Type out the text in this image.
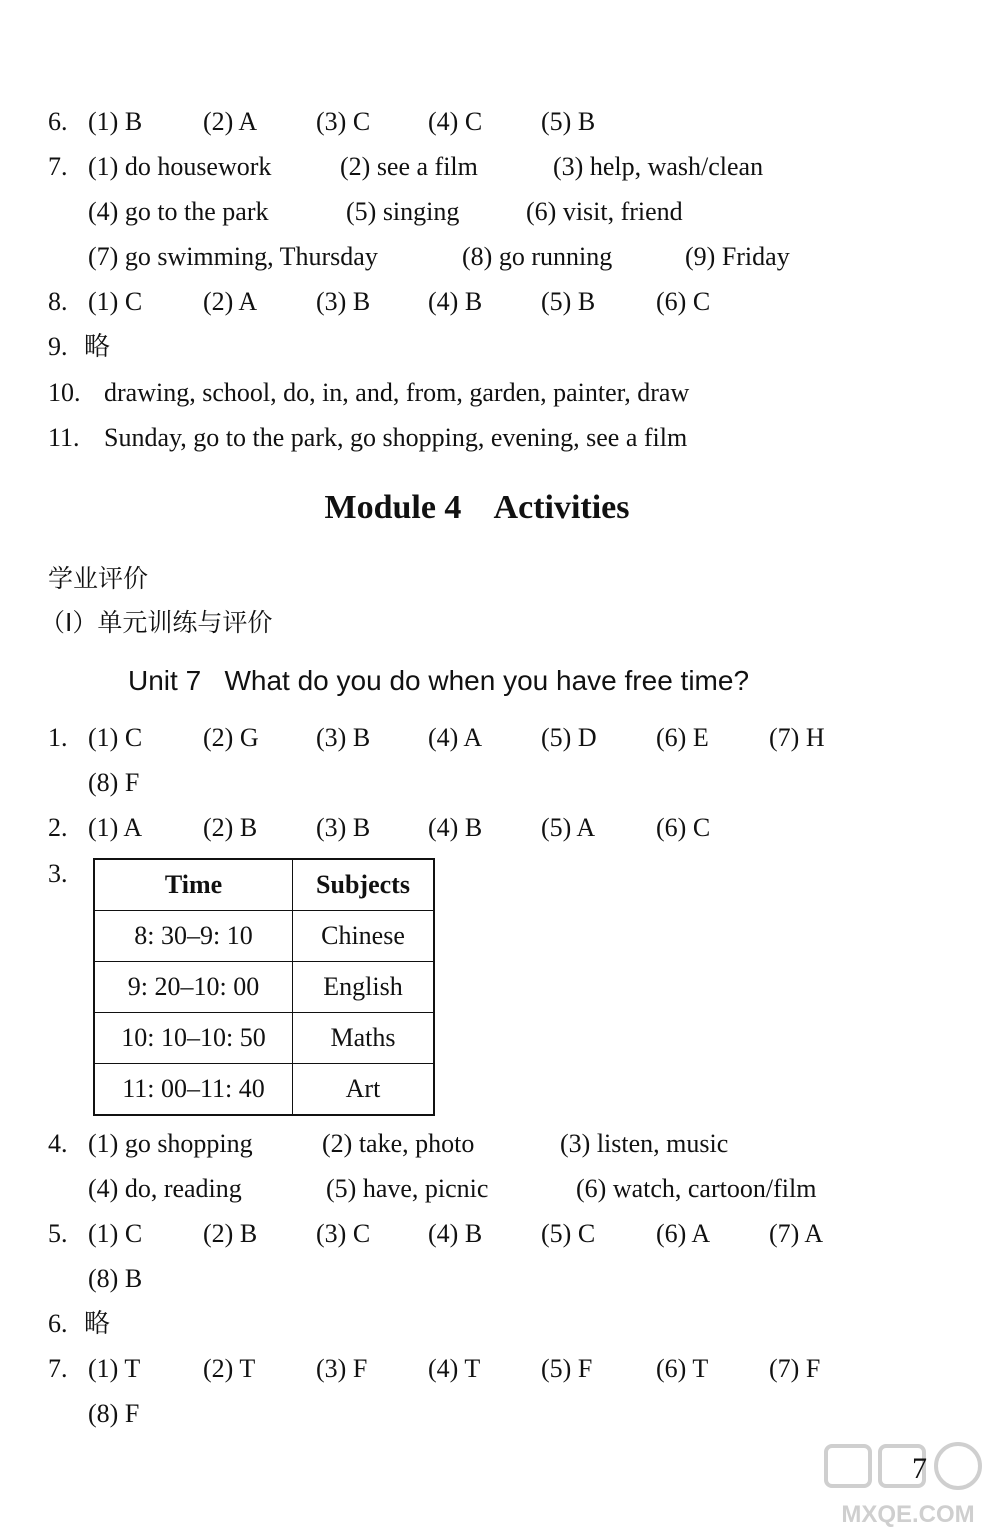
6. (1) B (2) A (3) C (4) C (5) B
7. (1) do housework	(2) see a film	(3) help, wash/clean
(4) go to the park	(5) singing	(6) visit, friend
(7) go swimming, Thursday	(8) go running	(9) Friday
8. (1) C (2) A (3) B (4) B (5) B (6) C
9. 略
10. drawing, school, do, in, and, from, garden, painter, draw
11. Sunday, go to the park, go shopping, evening, see a film
Module 4    Activities
学业评价
（Ⅰ）单元训练与评价
Unit 7   What do you do when you have free time?
1. (1) C (2) G (3) B (4) A (5) D (6) E (7) H
(8) F
2. (1) A (2) B (3) B (4) B (5) A (6) C
3.	Time	Subjects
8: 30–9: 10	Chinese
9: 20–10: 00	English
10: 10–10: 50	Maths
11: 00–11: 40	Art
4. (1) go shopping	(2) take, photo	(3) listen, music
(4) do, reading	(5) have, picnic	(6) watch, cartoon/film
5. (1) C (2) B (3) C (4) B (5) C (6) A (7) A
(8) B
6. 略
7. (1) T (2) T (3) F (4) T (5) F (6) T (7) F
(8) F
MXQE.COM
7
